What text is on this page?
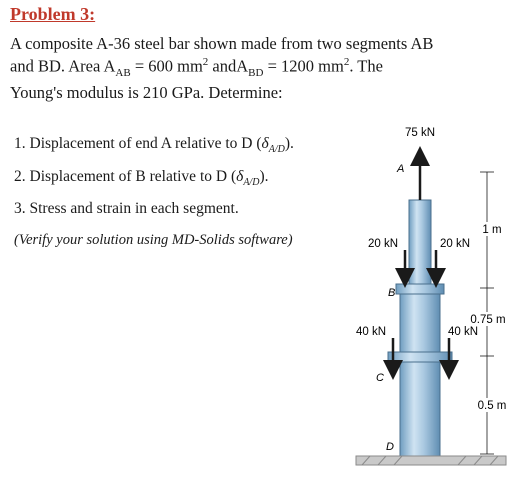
Problem 3:
A composite A-36 steel bar shown made from two segments AB
and BD. Area $A_{AB} = 600$ $mm^2$ andA$_{BD}$ = 1200 $mm^2$. The
Young's modulus is 210 GPa. Determine:
1. Displacement of end A relative to D $(\delta_{A/D})$.
2. Displacement of B relative to D $(\delta_{A/D})$.
3. Stress and strain in each segment.
(Verify your solution using MD-Solids software)
75 kN
A
20 kN	20 kN
B
40 kN	40 kN
C
D
1 m
0.75 m
0.5 m
